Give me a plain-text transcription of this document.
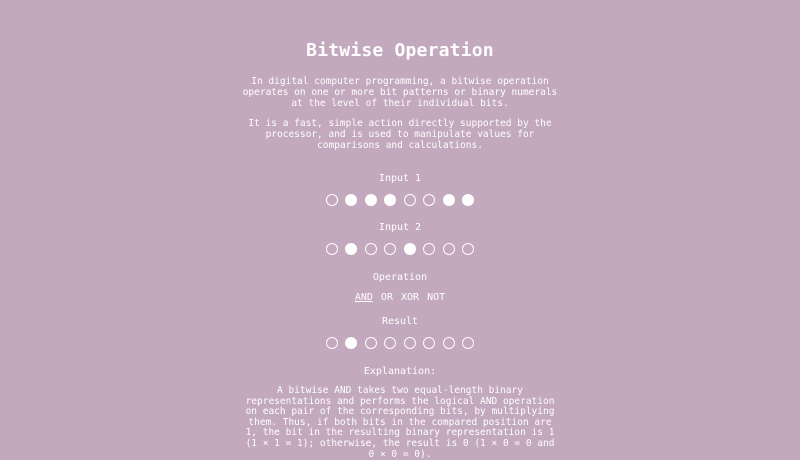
Bitwise Operation
In digital computer programming, a bitwise operation operates on one or more bit patterns or binary numerals at the level of their individual bits.
It is a fast, simple action directly supported by the processor, and is used to manipulate values for comparisons and calculations.
Input 1
Input 2
Operation
AND OR XOR NOT
Result
Explanation:
A bitwise AND takes two equal-length binary representations and performs the logical AND operation on each pair of the corresponding bits, by multiplying them. Thus, if both bits in the compared position are 1, the bit in the resulting binary representation is 1 (1 × 1 = 1); otherwise, the result is 0 (1 × 0 = 0 and 0 × 0 = 0).
